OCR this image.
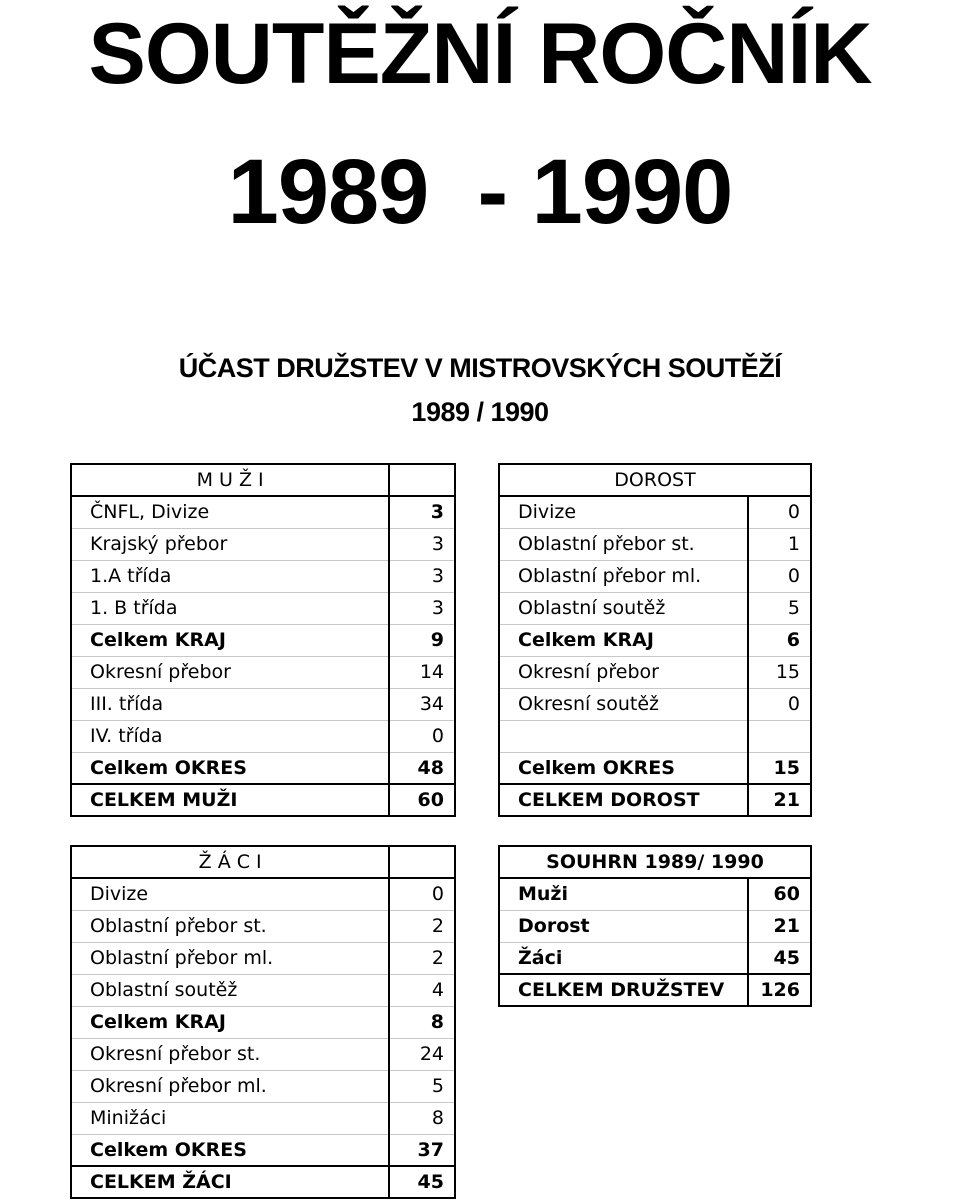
SOUTĚŽNÍ ROČNÍK
1989  - 1990
ÚČAST DRUŽSTEV V MISTROVSKÝCH SOUTĚŽÍ
1989 / 1990
M U Ž I	
ČNFL, Divize	3
Krajský přebor	3
1.A třída	3
1. B třída	3
Celkem KRAJ	9
Okresní přebor	14
III. třída	34
IV. třída	0
Celkem OKRES	48
CELKEM MUŽI	60
DOROST	
Divize	0
Oblastní přebor st.	1
Oblastní přebor ml.	0
Oblastní soutěž	5
Celkem KRAJ	6
Okresní přebor	15
Okresní soutěž	0

Celkem OKRES	15
CELKEM DOROST	21
Ž Á C I	
Divize	0
Oblastní přebor st.	2
Oblastní přebor ml.	2
Oblastní soutěž	4
Celkem KRAJ	8
Okresní přebor st.	24
Okresní přebor ml.	5
Minižáci	8
Celkem OKRES	37
CELKEM ŽÁCI	45
SOUHRN 1989/ 1990	
Muži	60
Dorost	21
Žáci	45
CELKEM DRUŽSTEV	126
